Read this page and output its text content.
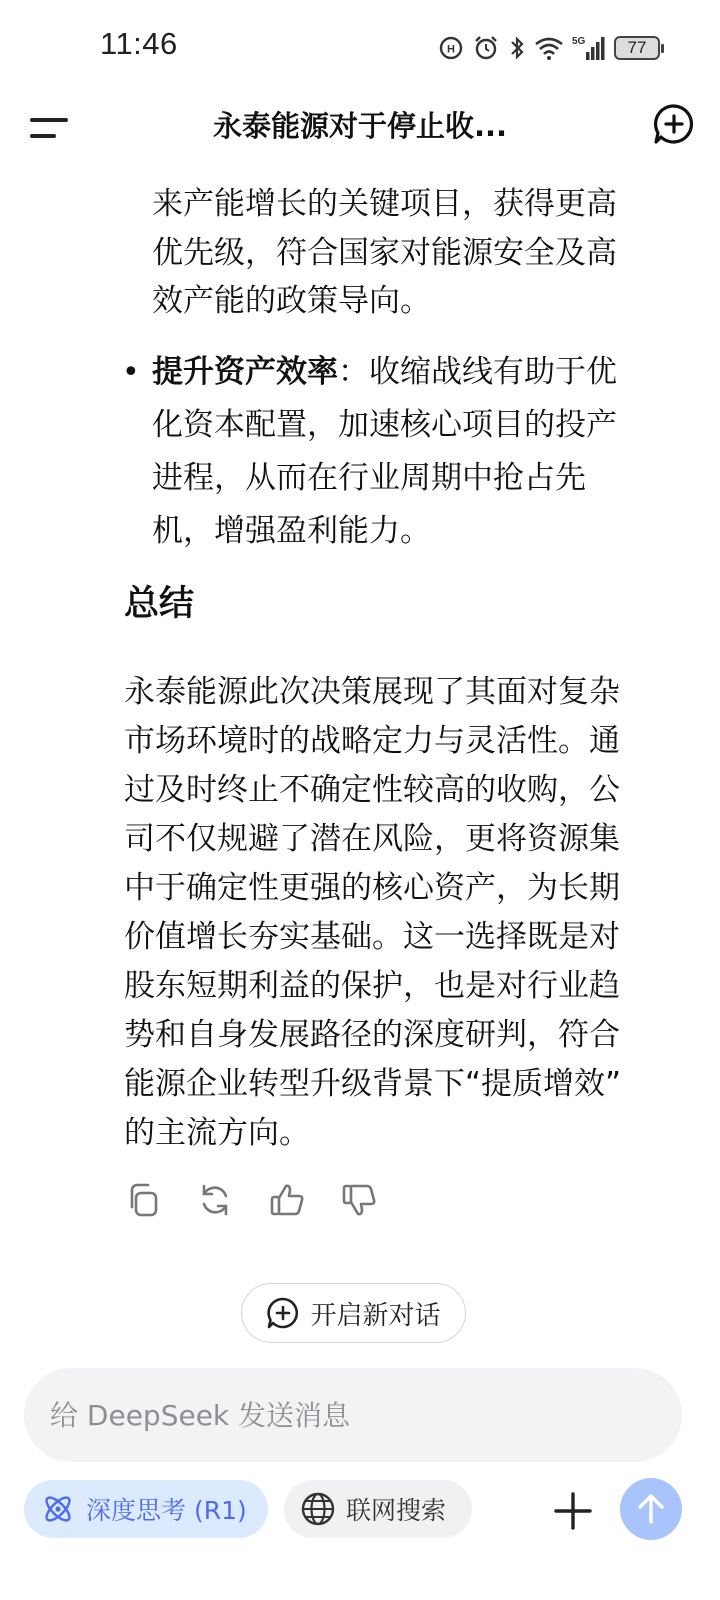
11:46	H
5G 77
永泰能源对于停止收...
来产能增长的关键项目，获得更高
优先级，符合国家对能源安全及高
效产能的政策导向。
• 提升资产效率：收缩战线有助于优
化资本配置，加速核心项目的投产
进程，从而在行业周期中抢占先
机，增强盈利能力。
总结
永泰能源此次决策展现了其面对复杂
市场环境时的战略定力与灵活性。通
过及时终止不确定性较高的收购，公
司不仅规避了潜在风险，更将资源集
中于确定性更强的核心资产，为长期
价值增长夯实基础。这一选择既是对
股东短期利益的保护，也是对行业趋
势和自身发展路径的深度研判，符合
能源企业转型升级背景下“提质增效”
的主流方向。
开启新对话
给 DeepSeek 发送消息
深度思考 (R1)	联网搜索
